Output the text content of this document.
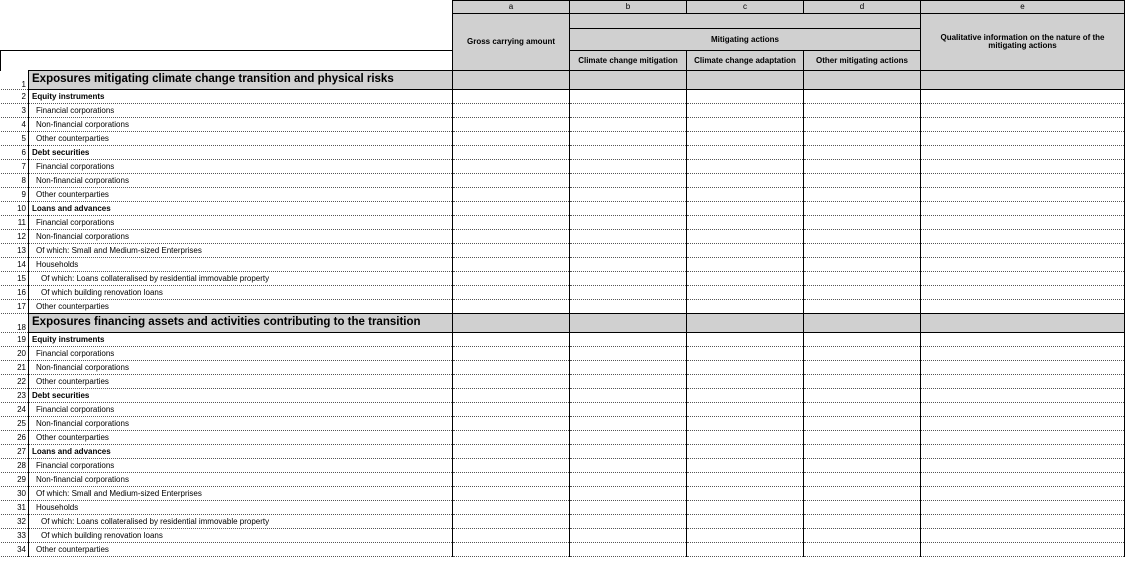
		a	b	c	d	e
		Gross carrying amount				Qualitative information on the nature of the mitigating actions
			Mitigating actions			
			Climate change mitigation	Climate change adaptation	Other mitigating actions	
1	Exposures mitigating climate change transition and physical risks					
2	Equity instruments					
3	Financial corporations					
4	Non-financial corporations					
5	Other counterparties					
6	Debt securities					
7	Financial corporations					
8	Non-financial corporations					
9	Other counterparties					
10	Loans and advances					
11	Financial corporations					
12	Non-financial corporations					
13	Of which: Small and Medium-sized Enterprises					
14	Households					
15	Of which: Loans collateralised by residential immovable property					
16	Of which building renovation loans					
17	Other counterparties					
18	Exposures financing assets and activities contributing to the transition					
19	Equity instruments					
20	Financial corporations					
21	Non-financial corporations					
22	Other counterparties					
23	Debt securities					
24	Financial corporations					
25	Non-financial corporations					
26	Other counterparties					
27	Loans and advances					
28	Financial corporations					
29	Non-financial corporations					
30	Of which: Small and Medium-sized Enterprises					
31	Households					
32	Of which: Loans collateralised by residential immovable property					
33	Of which building renovation loans					
34	Other counterparties					
